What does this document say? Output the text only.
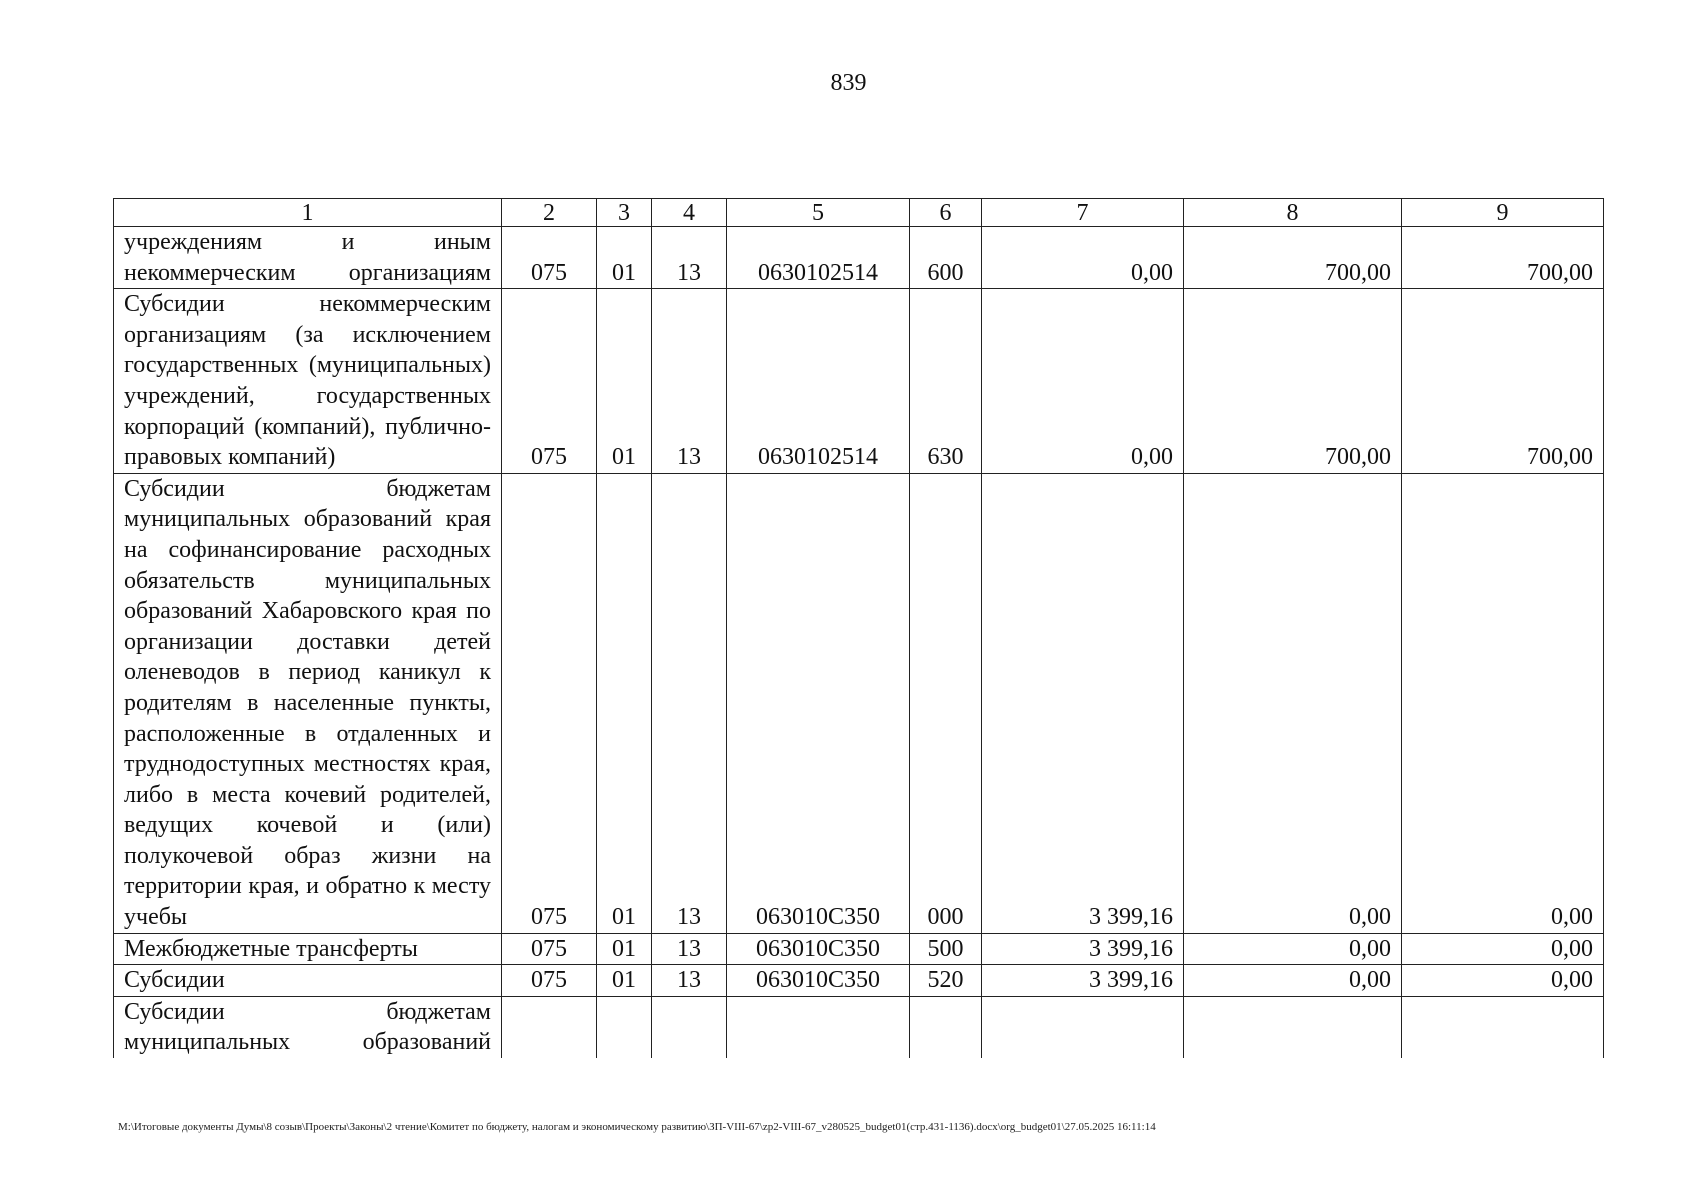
839
1	2	3	4	5	6	7	8	9
учреждениям и иным некоммерческим организациям	075	01	13	0630102514	600	0,00	700,00	700,00
Субсидии некоммерческим организациям (за исключением государственных (муниципальных) учреждений, государственных корпораций (компаний), публично-правовых компаний)	075	01	13	0630102514	630	0,00	700,00	700,00
Субсидии бюджетам муниципальных образований края на софинансирование расходных обязательств муниципальных образований Хабаровского края по организации доставки детей оленеводов в период каникул к родителям в населенные пункты, расположенные в отдаленных и труднодоступных местностях края, либо в места кочевий родителей, ведущих кочевой и (или) полукочевой образ жизни на территории края, и обратно к месту учебы	075	01	13	063010С350	000	3 399,16	0,00	0,00
Межбюджетные трансферты	075	01	13	063010С350	500	3 399,16	0,00	0,00
Субсидии	075	01	13	063010С350	520	3 399,16	0,00	0,00
Субсидии бюджетам муниципальных образований								
M:\Итоговые документы Думы\8 созыв\Проекты\Законы\2 чтение\Комитет по бюджету, налогам и экономическому развитию\ЗП-VIII-67\zp2-VIII-67_v280525_budget01(стр.431-1136).docx\org_budget01\27.05.2025 16:11:14
